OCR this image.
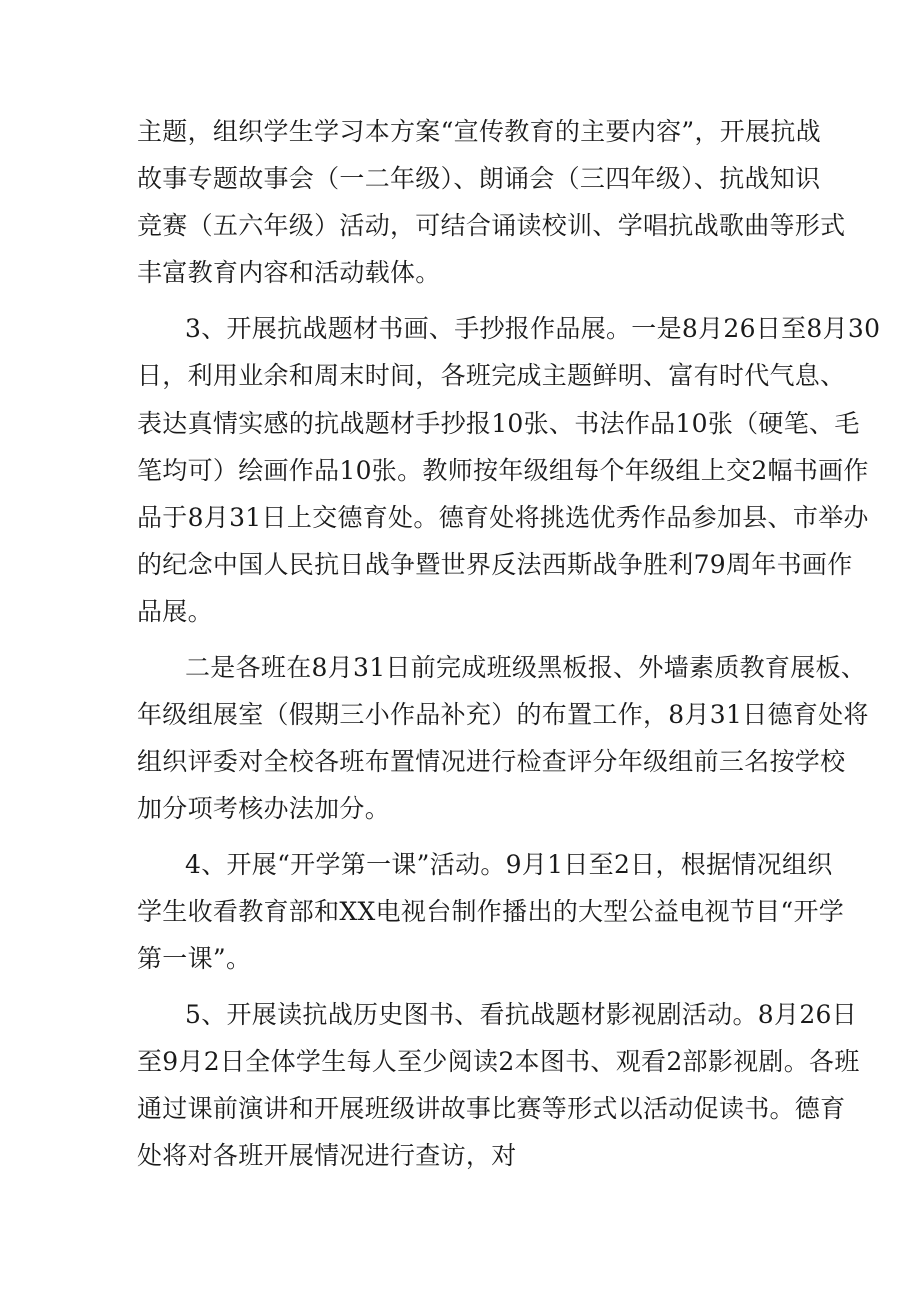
主题，组织学生学习本方案“宣传教育的主要内容”，开展抗战

故事专题故事会（一二年级）、朗诵会（三四年级）、抗战知识

竞赛（五六年级）活动，可结合诵读校训、学唱抗战歌曲等形式

丰富教育内容和活动载体。

3、开展抗战题材书画、手抄报作品展。一是8月26日至8月30

日，利用业余和周末时间，各班完成主题鲜明、富有时代气息、

表达真情实感的抗战题材手抄报10张、书法作品10张（硬笔、毛

笔均可）绘画作品10张。教师按年级组每个年级组上交2幅书画作

品于8月31日上交德育处。德育处将挑选优秀作品参加县、市举办

的纪念中国人民抗日战争暨世界反法西斯战争胜利79周年书画作

品展。

二是各班在8月31日前完成班级黑板报、外墙素质教育展板、

年级组展室（假期三小作品补充）的布置工作，8月31日德育处将

组织评委对全校各班布置情况进行检查评分年级组前三名按学校

加分项考核办法加分。

4、开展“开学第一课”活动。9月1日至2日，根据情况组织

学生收看教育部和XX电视台制作播出的大型公益电视节目“开学

第一课”。

5、开展读抗战历史图书、看抗战题材影视剧活动。8月26日

至9月2日全体学生每人至少阅读2本图书、观看2部影视剧。各班

通过课前演讲和开展班级讲故事比赛等形式以活动促读书。德育

处将对各班开展情况进行查访，对
